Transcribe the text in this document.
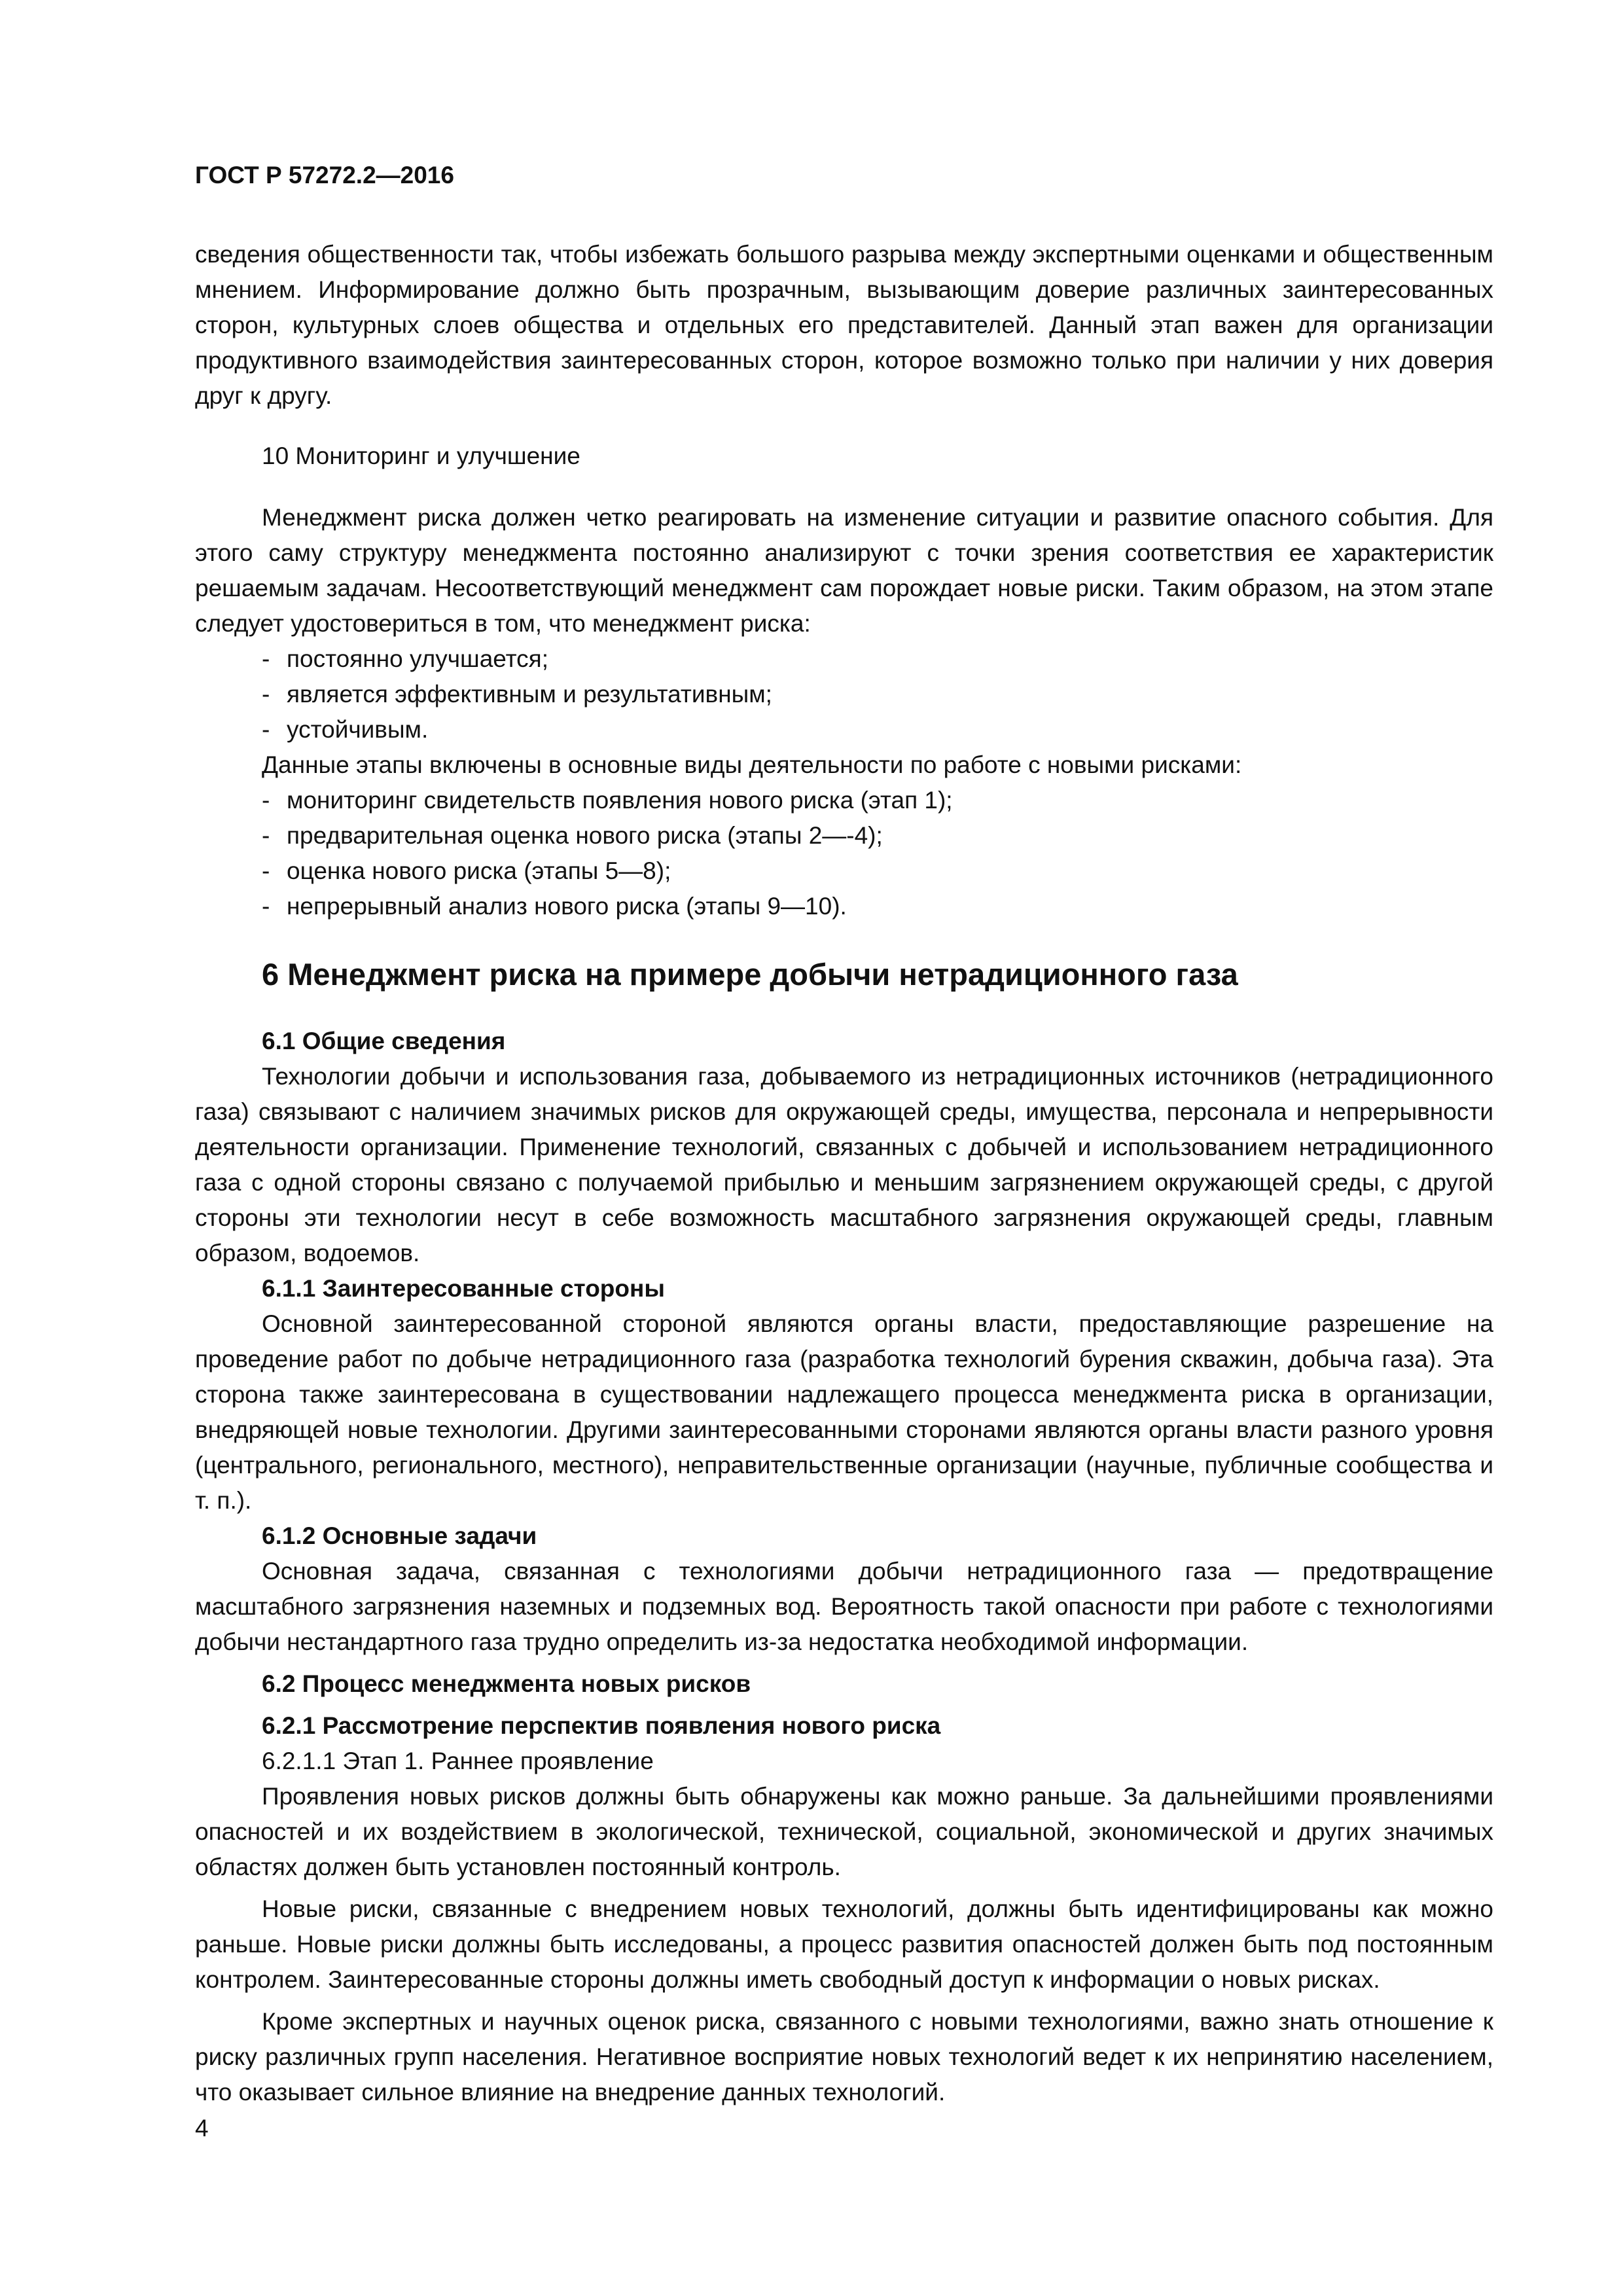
ГОСТ Р 57272.2—2016

сведения общественности так, чтобы избежать большого разрыва между экспертными оценками и общественным мнением. Информирование должно быть прозрачным, вызывающим доверие различных заинтересованных сторон, культурных слоев общества и отдельных его представителей. Данный этап важен для организации продуктивного взаимодействия заинтересованных сторон, которое возможно только при наличии у них доверия друг к другу.

10 Мониторинг и улучшение

Менеджмент риска должен четко реагировать на изменение ситуации и развитие опасного события. Для этого саму структуру менеджмента постоянно анализируют с точки зрения соответствия ее характеристик решаемым задачам. Несоответствующий менеджмент сам порождает новые риски. Таким образом, на этом этапе следует удостовериться в том, что менеджмент риска:

- постоянно улучшается;
- является эффективным и результативным;
- устойчивым.

Данные этапы включены в основные виды деятельности по работе с новыми рисками:

- мониторинг свидетельств появления нового риска (этап 1);
- предварительная оценка нового риска (этапы 2—-4);
- оценка нового риска (этапы 5—8);
- непрерывный анализ нового риска (этапы 9—10).
6 Менеджмент риска на примере добычи нетрадиционного газа
6.1 Общие сведения

Технологии добычи и использования газа, добываемого из нетрадиционных источников (нетрадиционного газа) связывают с наличием значимых рисков для окружающей среды, имущества, персонала и непрерывности деятельности организации. Применение технологий, связанных с добычей и использованием нетрадиционного газа с одной стороны связано с получаемой прибылью и меньшим загрязнением окружающей среды, с другой стороны эти технологии несут в себе возможность масштабного загрязнения окружающей среды, главным образом, водоемов.

6.1.1 Заинтересованные стороны

Основной заинтересованной стороной являются органы власти, предоставляющие разрешение на проведение работ по добыче нетрадиционного газа (разработка технологий бурения скважин, добыча газа). Эта сторона также заинтересована в существовании надлежащего процесса менеджмента риска в организации, внедряющей новые технологии. Другими заинтересованными сторонами являются органы власти разного уровня (центрального, регионального, местного), неправительственные организации (научные, публичные сообщества и т. п.).

6.1.2 Основные задачи

Основная задача, связанная с технологиями добычи нетрадиционного газа — предотвращение масштабного загрязнения наземных и подземных вод. Вероятность такой опасности при работе с технологиями добычи нестандартного газа трудно определить из-за недостатка необходимой информации.

6.2 Процесс менеджмента новых рисков
6.2.1 Рассмотрение перспектив появления нового риска
6.2.1.1 Этап 1. Раннее проявление

Проявления новых рисков должны быть обнаружены как можно раньше. За дальнейшими проявлениями опасностей и их воздействием в экологической, технической, социальной, экономической и других значимых областях должен быть установлен постоянный контроль.

Новые риски, связанные с внедрением новых технологий, должны быть идентифицированы как можно раньше. Новые риски должны быть исследованы, а процесс развития опасностей должен быть под постоянным контролем. Заинтересованные стороны должны иметь свободный доступ к информации о новых рисках.

Кроме экспертных и научных оценок риска, связанного с новыми технологиями, важно знать отношение к риску различных групп населения. Негативное восприятие новых технологий ведет к их непринятию населением, что оказывает сильное влияние на внедрение данных технологий.

4
